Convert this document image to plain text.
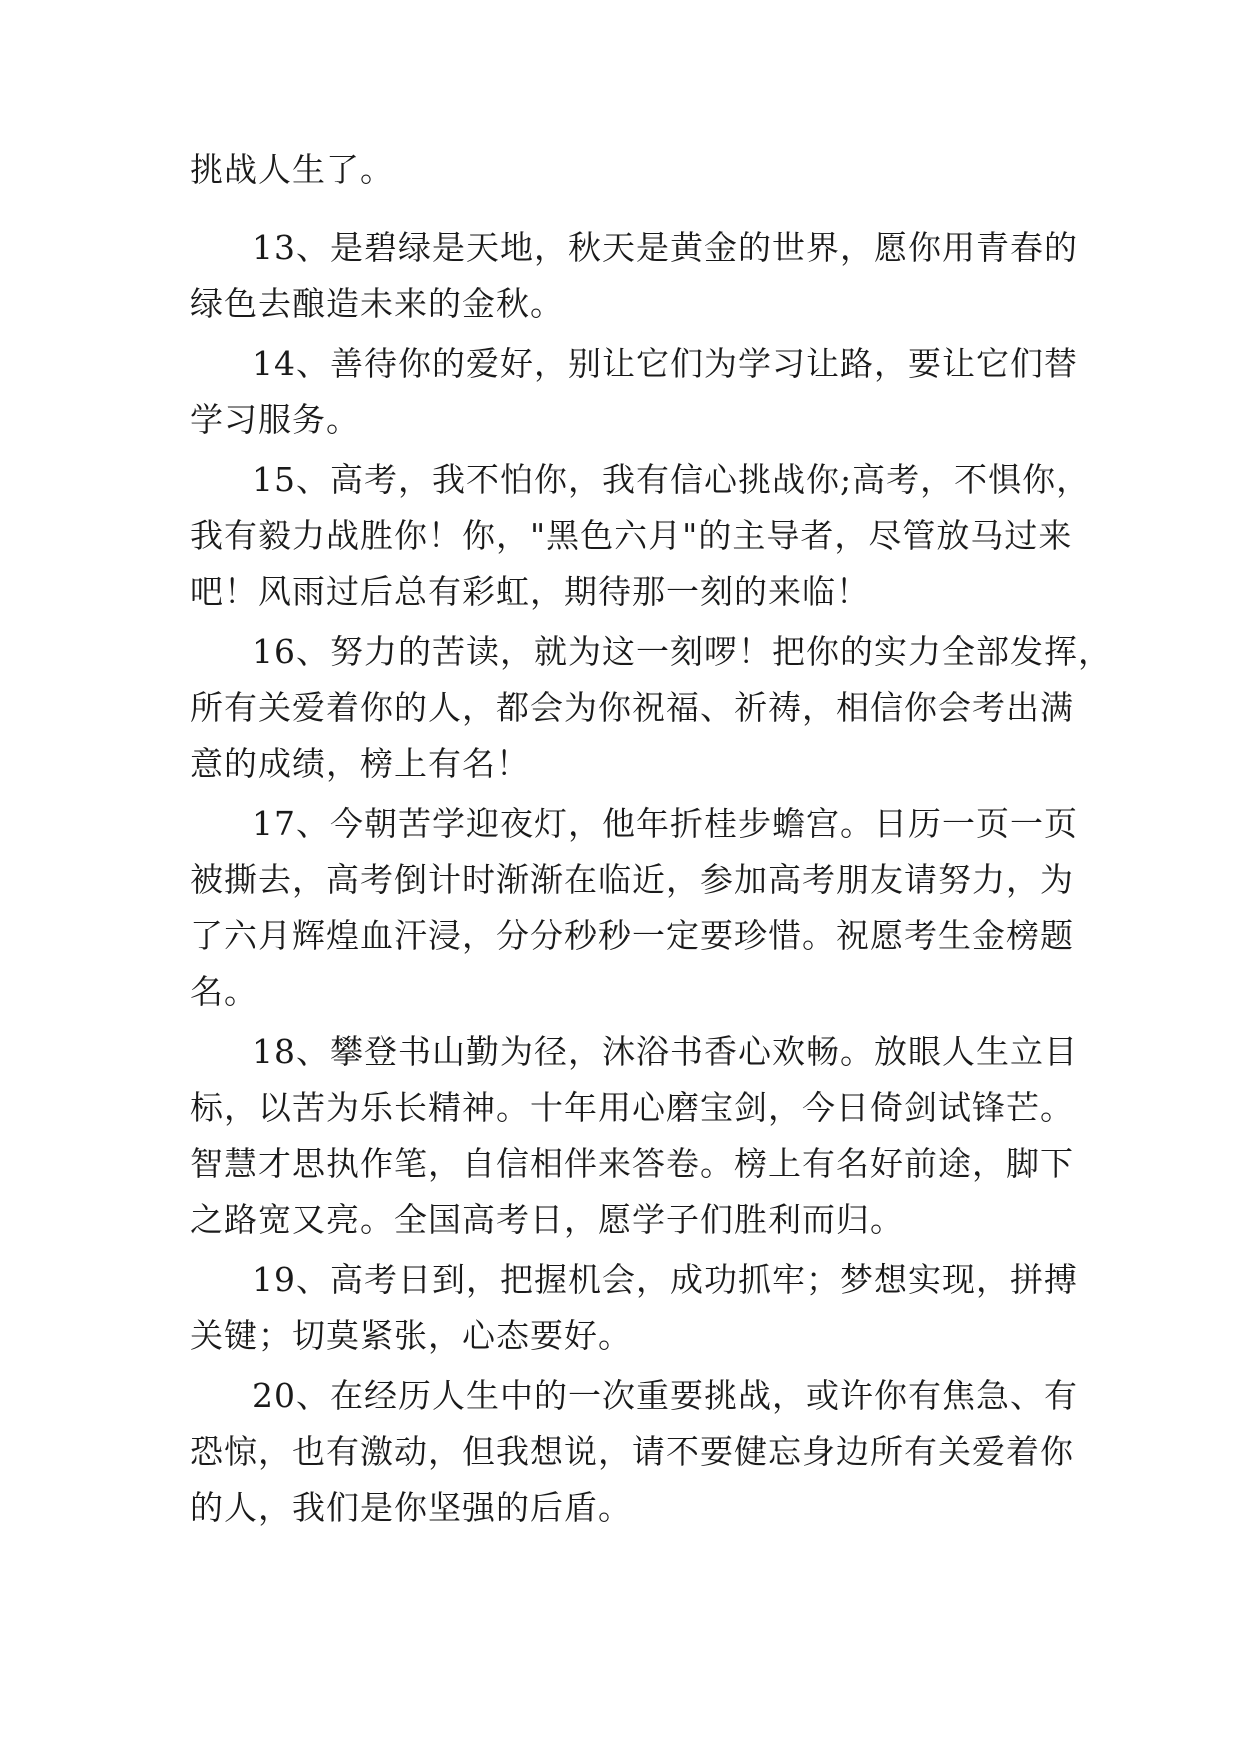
挑战人生了。
13、是碧绿是天地，秋天是黄金的世界，愿你用青春的
绿色去酿造未来的金秋。
14、善待你的爱好，别让它们为学习让路，要让它们替
学习服务。
15、高考，我不怕你，我有信心挑战你;高考，不惧你，
我有毅力战胜你！你，"黑色六月"的主导者，尽管放马过来
吧！风雨过后总有彩虹，期待那一刻的来临！
16、努力的苦读，就为这一刻啰！把你的实力全部发挥，
所有关爱着你的人，都会为你祝福、祈祷，相信你会考出满
意的成绩，榜上有名！
17、今朝苦学迎夜灯，他年折桂步蟾宫。日历一页一页
被撕去，高考倒计时渐渐在临近，参加高考朋友请努力，为
了六月辉煌血汗浸，分分秒秒一定要珍惜。祝愿考生金榜题
名。
18、攀登书山勤为径，沐浴书香心欢畅。放眼人生立目
标，以苦为乐长精神。十年用心磨宝剑，今日倚剑试锋芒。
智慧才思执作笔，自信相伴来答卷。榜上有名好前途，脚下
之路宽又亮。全国高考日，愿学子们胜利而归。
19、高考日到，把握机会，成功抓牢；梦想实现，拼搏
关键；切莫紧张，心态要好。
20、在经历人生中的一次重要挑战，或许你有焦急、有
恐惊，也有激动，但我想说，请不要健忘身边所有关爱着你
的人，我们是你坚强的后盾。
